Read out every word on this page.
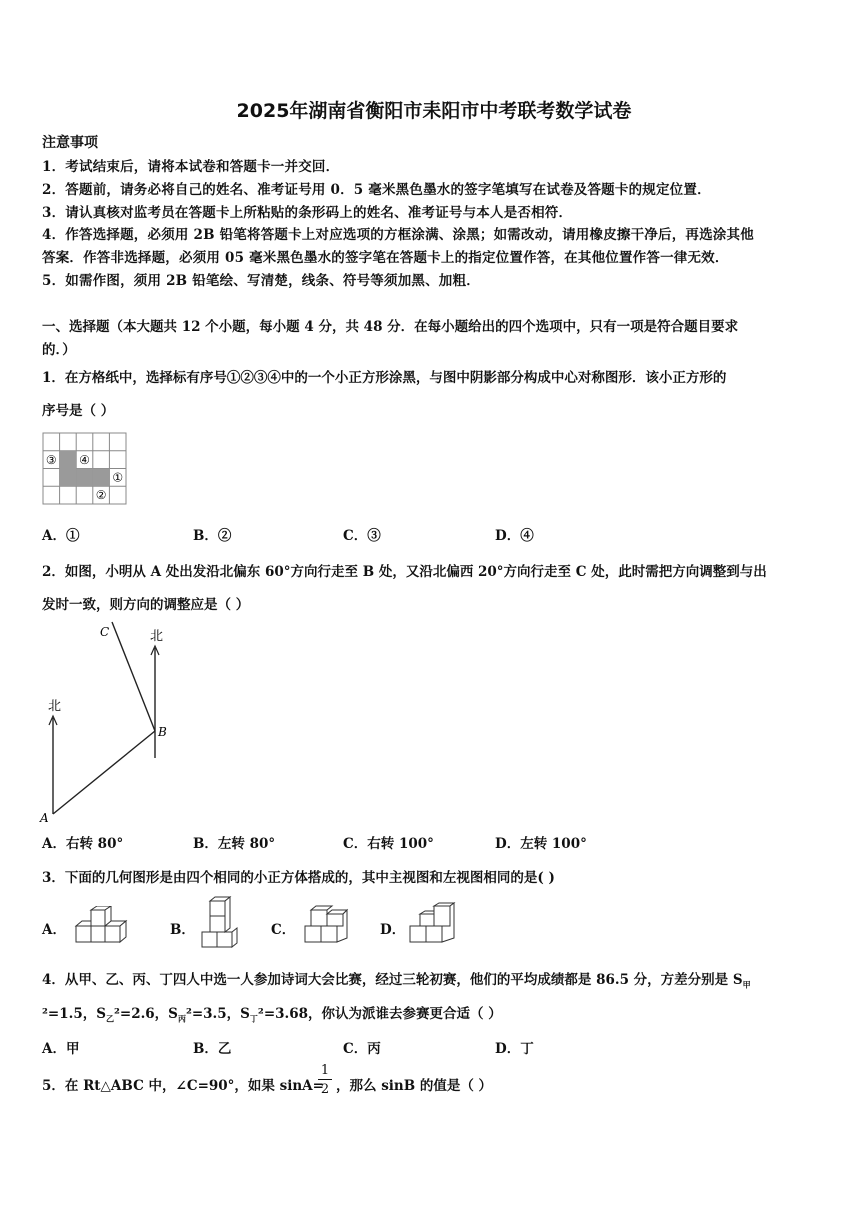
2025年湖南省衡阳市耒阳市中考联考数学试卷
注意事项
1．考试结束后，请将本试卷和答题卡一并交回．
2．答题前，请务必将自己的姓名、准考证号用 0．5 毫米黑色墨水的签字笔填写在试卷及答题卡的规定位置．
3．请认真核对监考员在答题卡上所粘贴的条形码上的姓名、准考证号与本人是否相符．
4．作答选择题，必须用 2B 铅笔将答题卡上对应选项的方框涂满、涂黑；如需改动，请用橡皮擦干净后，再选涂其他
答案．作答非选择题，必须用 05 毫米黑色墨水的签字笔在答题卡上的指定位置作答，在其他位置作答一律无效．
5．如需作图，须用 2B 铅笔绘、写清楚，线条、符号等须加黑、加粗．
一、选择题（本大题共 12 个小题，每小题 4 分，共 48 分．在每小题给出的四个选项中，只有一项是符合题目要求
的．）
1．在方格纸中，选择标有序号①②③④中的一个小正方形涂黑，与图中阴影部分构成中心对称图形．该小正方形的
序号是（ ）
③ ④
①
②
A．①	B．②	C．③	D．④
2．如图，小明从 A 处出发沿北偏东 60°方向行走至 B 处，又沿北偏西 20°方向行走至 C 处，此时需把方向调整到与出
发时一致，则方向的调整应是（ ）
北
北
A
B
C
A．右转 80°	B．左转 80°	C．右转 100°	D．左转 100°
3．下面的几何图形是由四个相同的小正方体搭成的，其中主视图和左视图相同的是( )
A．	B．	C．	D．
4．从甲、乙、丙、丁四人中选一人参加诗词大会比赛，经过三轮初赛，他们的平均成绩都是 86.5 分，方差分别是 $S_甲$
²=1.5，$S_乙^2=2.6$，$S_丙^2=3.5$，$S_丁^2=3.68$，你认为派谁去参赛更合适（ ）
A．甲	B．乙	C．丙	D．丁
5．在 Rt△ABC 中，∠C=90°，如果 sinA=
1
2 ，那么 sinB 的值是（ ）
